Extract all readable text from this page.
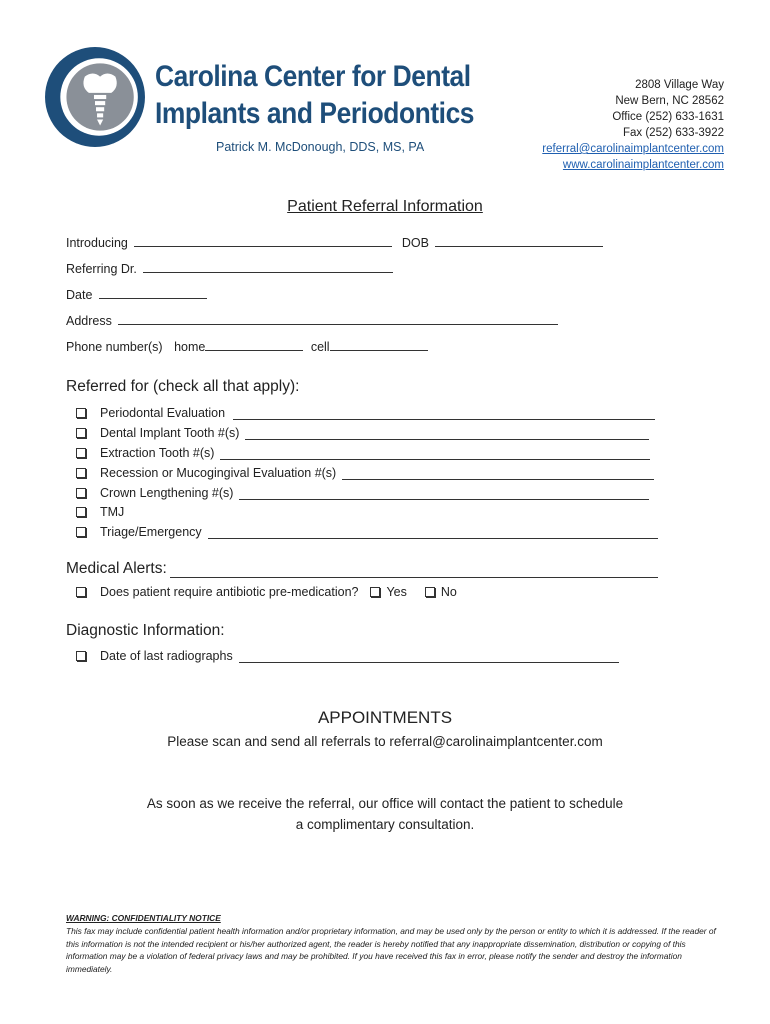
Carolina Center for Dental
Implants and Periodontics
Patrick M. McDonough, DDS, MS, PA
2808 Village Way
New Bern, NC 28562
Office (252) 633-1631
Fax (252) 633-3922
referral@carolinaimplantcenter.com
www.carolinaimplantcenter.com
Patient Referral Information
Introducing	DOB
Referring Dr.
Date
Address
Phone number(s) home	cell
Referred for (check all that apply):
Periodontal Evaluation
Dental Implant Tooth #(s)
Extraction Tooth #(s)
Recession or Mucogingival Evaluation #(s)
Crown Lengthening #(s)
TMJ
Triage/Emergency
Medical Alerts:
Does patient require antibiotic pre-medication? Yes	No
Diagnostic Information:
Date of last radiographs
APPOINTMENTS
Please scan and send all referrals to referral@carolinaimplantcenter.com
As soon as we receive the referral, our office will contact the patient to schedule
a complimentary consultation.
WARNING: CONFIDENTIALITY NOTICE
This fax may include confidential patient health information and/or proprietary information, and may be used only by the person or entity to which it is addressed. If the reader of this information is not the intended recipient or his/her authorized agent, the reader is hereby notified that any inappropriate dissemination, distribution or copying of this information may be a violation of federal privacy laws and may be prohibited. If you have received this fax in error, please notify the sender and destroy the information immediately.
